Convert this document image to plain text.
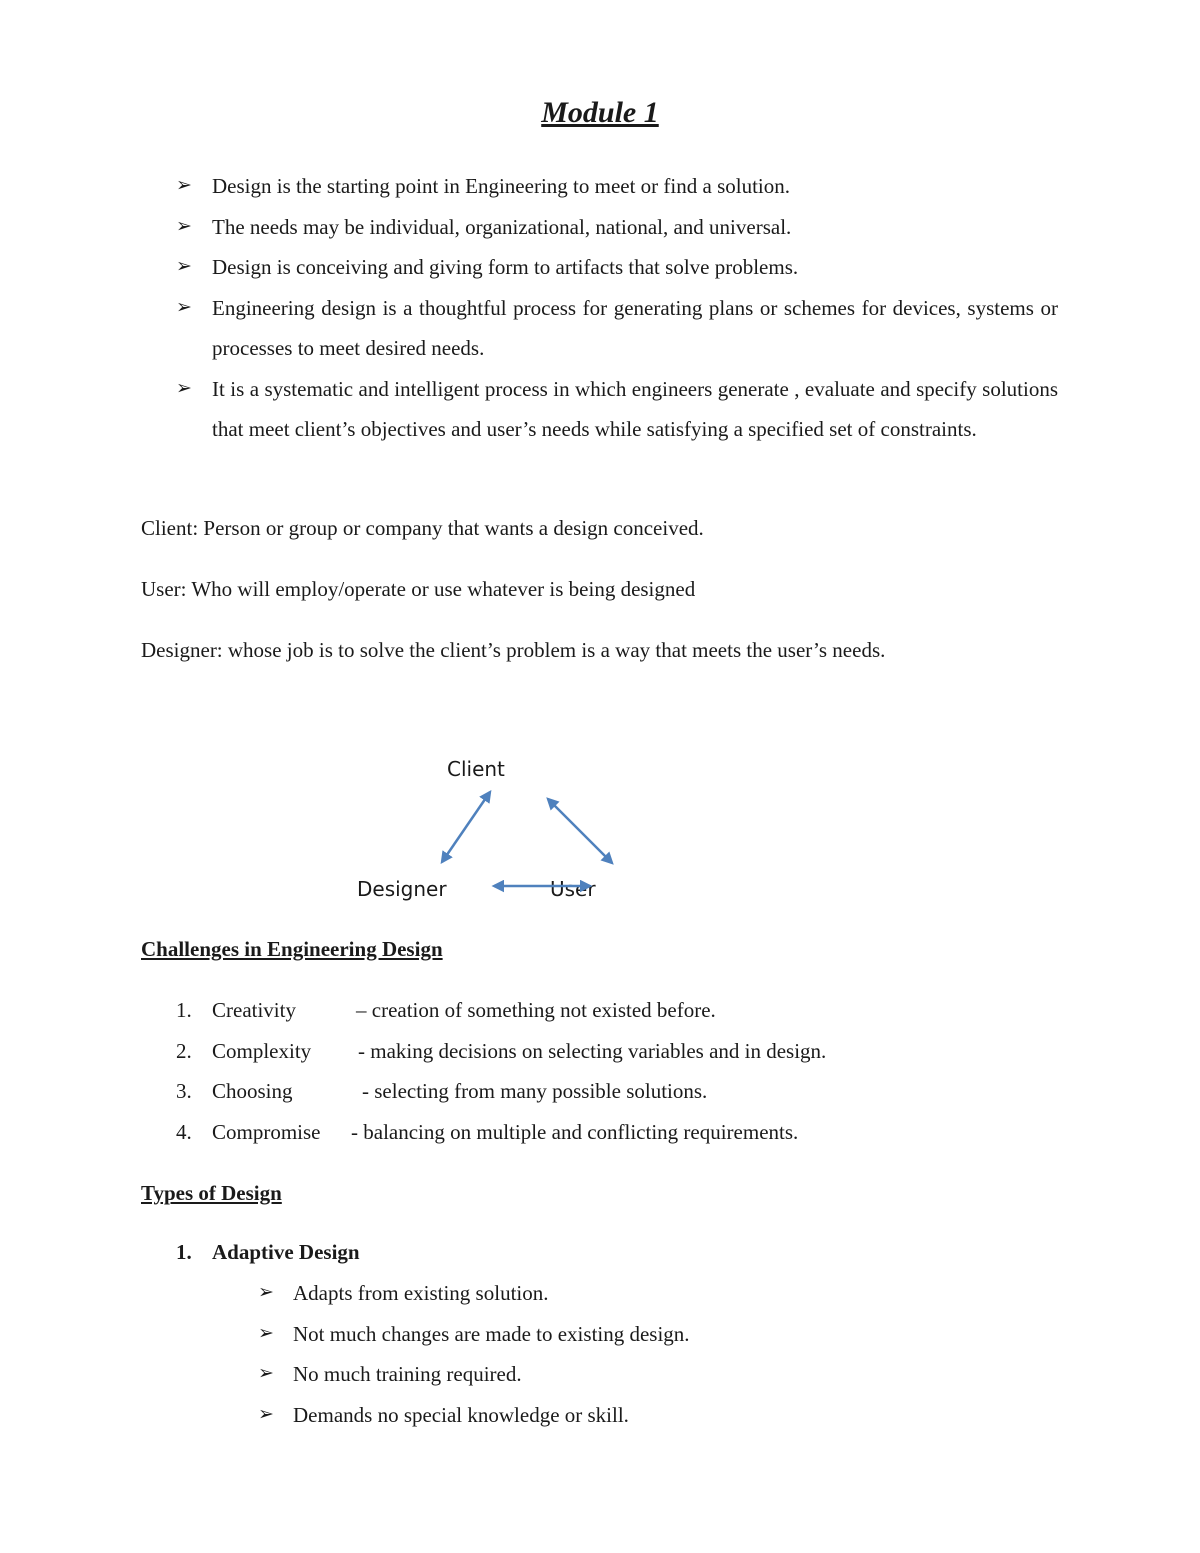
Module 1
➢ Design is the starting point in Engineering to meet or find a solution.
➢ The needs may be individual, organizational, national, and universal.
➢ Design is conceiving and giving form to artifacts that solve problems.
➢ Engineering design is a thoughtful process for generating plans or schemes for devices, systems or processes to meet desired needs.
➢ It is a systematic and intelligent process in which engineers generate , evaluate and specify solutions that meet client’s objectives and user’s needs while satisfying a specified set of constraints.
Client: Person or group or company that wants a design conceived.
User: Who will employ/operate or use whatever is being designed
Designer: whose job is to solve the client’s problem is a way that meets the user’s needs.
Client
Designer	User
Challenges in Engineering Design
1. Creativity	– creation of something not existed before.
2. Complexity - making decisions on selecting variables and in design.
3. Choosing	- selecting from many possible solutions.
4. Compromise - balancing on multiple and conflicting requirements.
Types of Design
1. Adaptive Design
➢ Adapts from existing solution.
➢ Not much changes are made to existing design.
➢ No much training required.
➢ Demands no special knowledge or skill.
